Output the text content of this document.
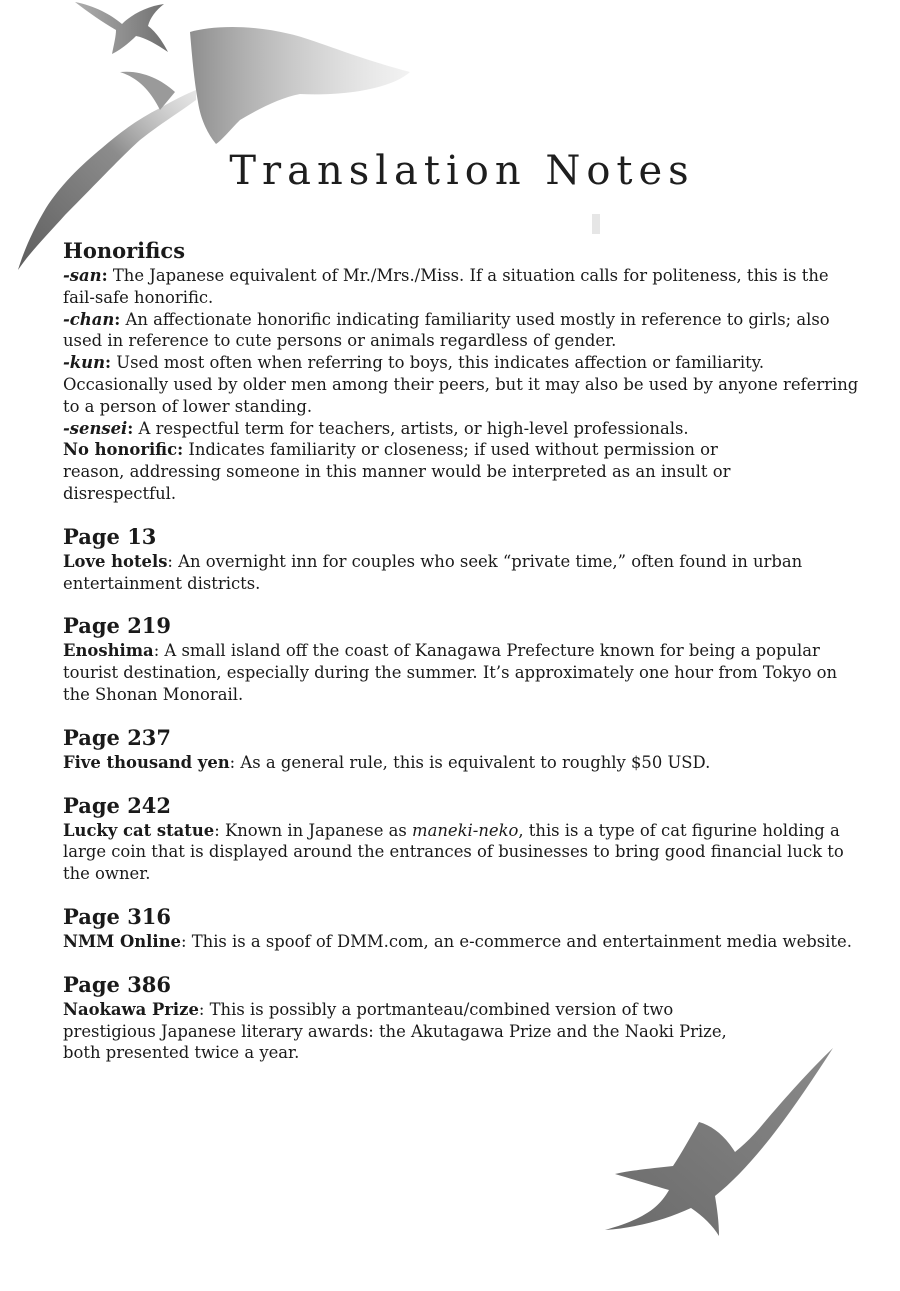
Translation Notes
Honorifics

-san: The Japanese equivalent of Mr./Mrs./Miss. If a situation calls for politeness, this is the fail-safe honorific.

-chan: An affectionate honorific indicating familiarity used mostly in reference to girls; also used in reference to cute persons or animals regardless of gender.

-kun: Used most often when referring to boys, this indicates affection or familiarity. Occasionally used by older men among their peers, but it may also be used by anyone referring to a person of lower standing.

-sensei: A respectful term for teachers, artists, or high-level professionals.

No honorific: Indicates familiarity or closeness; if used without permission or reason, addressing someone in this manner would be interpreted as an insult or disrespectful.

Page 13

Love hotels: An overnight inn for couples who seek “private time,” often found in urban entertainment districts.

Page 219

Enoshima: A small island off the coast of Kanagawa Prefecture known for being a popular tourist destination, especially during the summer. It’s approximately one hour from Tokyo on the Shonan Monorail.

Page 237

Five thousand yen: As a general rule, this is equivalent to roughly $50 USD.

Page 242

Lucky cat statue: Known in Japanese as maneki-neko, this is a type of cat figurine holding a large coin that is displayed around the entrances of businesses to bring good financial luck to the owner.

Page 316

NMM Online: This is a spoof of DMM.com, an e-commerce and entertainment media website.

Page 386

Naokawa Prize: This is possibly a portmanteau/combined version of two prestigious Japanese literary awards: the Akutagawa Prize and the Naoki Prize, both presented twice a year.
